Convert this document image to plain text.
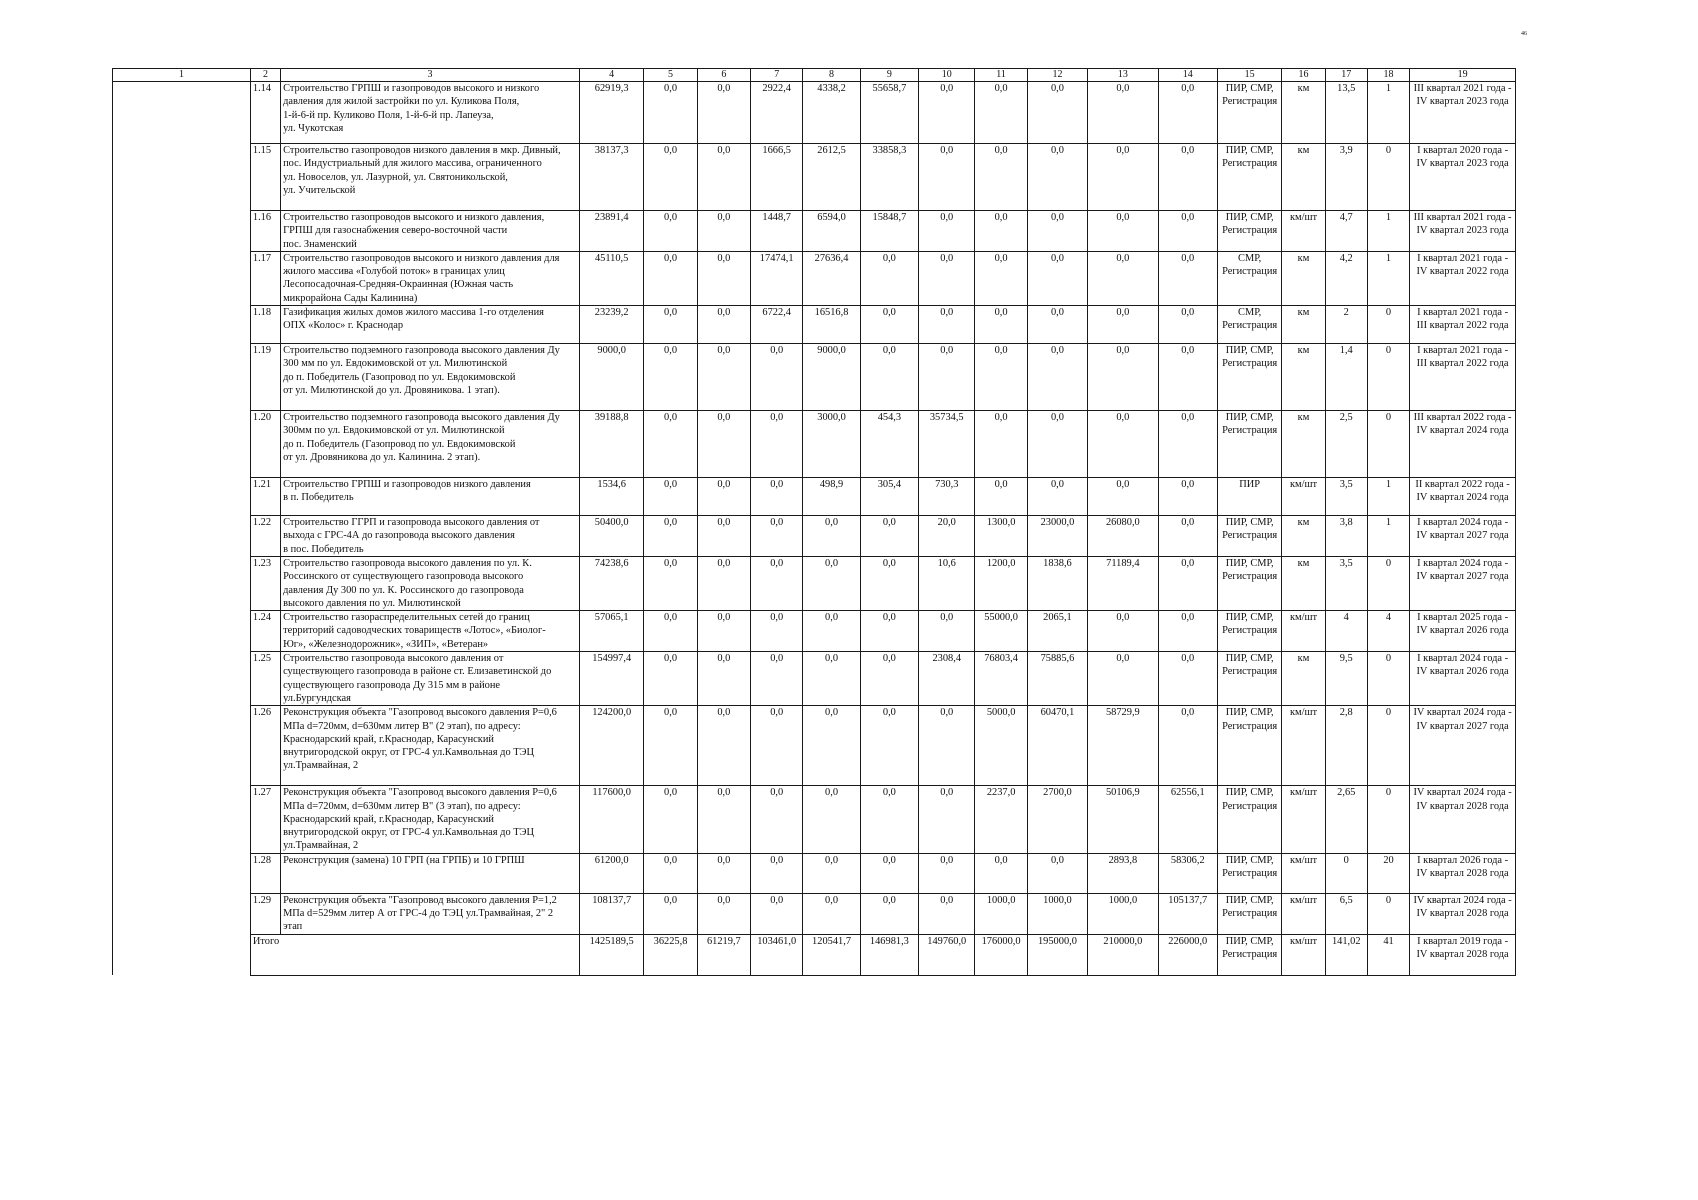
46
1	2	3	4	5	6	7	8	9	10	11	12	13	14	15	16	17	18	19
	1.14	Строительство ГРПШ и газопроводов высокого и низкого
давления для жилой застройки по ул. Куликова Поля,
1-й-6-й пр. Куликово Поля, 1-й-6-й пр. Лапеуза,
ул. Чукотская	62919,3	0,0	0,0	2922,4	4338,2	55658,7	0,0	0,0	0,0	0,0	0,0	ПИР, СМР, Регистрация	км	13,5	1	III квартал 2021 года - IV квартал 2023 года
	1.15	Строительство газопроводов низкого давления в мкр. Дивный,
пос. Индустриальный для жилого массива, ограниченного
ул. Новоселов, ул. Лазурной, ул. Святоникольской,
ул. Учительской	38137,3	0,0	0,0	1666,5	2612,5	33858,3	0,0	0,0	0,0	0,0	0,0	ПИР, СМР, Регистрация	км	3,9	0	I квартал 2020 года - IV квартал 2023 года
	1.16	Строительство газопроводов высокого и низкого давления,
ГРПШ для газоснабжения северо-восточной части
пос. Знаменский	23891,4	0,0	0,0	1448,7	6594,0	15848,7	0,0	0,0	0,0	0,0	0,0	ПИР, СМР, Регистрация	км/шт	4,7	1	III квартал 2021 года - IV квартал 2023 года
	1.17	Строительство газопроводов высокого и низкого давления для
жилого массива «Голубой поток» в границах улиц
Лесопосадочная-Средняя-Окраинная (Южная часть
микрорайона Сады Калинина)	45110,5	0,0	0,0	17474,1	27636,4	0,0	0,0	0,0	0,0	0,0	0,0	СМР, Регистрация	км	4,2	1	I квартал 2021 года - IV квартал 2022 года
	1.18	Газификация жилых домов жилого массива 1-го отделения
ОПХ «Колос» г. Краснодар	23239,2	0,0	0,0	6722,4	16516,8	0,0	0,0	0,0	0,0	0,0	0,0	СМР, Регистрация	км	2	0	I квартал 2021 года - III квартал 2022 года
	1.19	Строительство подземного газопровода высокого давления Ду
300 мм по ул. Евдокимовской от ул. Милютинской
до п. Победитель (Газопровод по ул. Евдокимовской
от ул. Милютинской до ул. Дровяникова. 1 этап).	9000,0	0,0	0,0	0,0	9000,0	0,0	0,0	0,0	0,0	0,0	0,0	ПИР, СМР, Регистрация	км	1,4	0	I квартал 2021 года - III квартал 2022 года
	1.20	Строительство подземного газопровода высокого давления Ду
300мм по ул. Евдокимовской от ул. Милютинской
до п. Победитель (Газопровод по ул. Евдокимовской
от ул. Дровяникова до ул. Калинина. 2 этап).	39188,8	0,0	0,0	0,0	3000,0	454,3	35734,5	0,0	0,0	0,0	0,0	ПИР, СМР, Регистрация	км	2,5	0	III квартал 2022 года - IV квартал 2024 года
	1.21	Строительство ГРПШ и газопроводов низкого давления
в п. Победитель	1534,6	0,0	0,0	0,0	498,9	305,4	730,3	0,0	0,0	0,0	0,0	ПИР	км/шт	3,5	1	II квартал 2022 года - IV квартал 2024 года
	1.22	Строительство ГГРП и газопровода высокого давления от
выхода с ГРС-4А до газопровода высокого давления
в пос. Победитель	50400,0	0,0	0,0	0,0	0,0	0,0	20,0	1300,0	23000,0	26080,0	0,0	ПИР, СМР, Регистрация	км	3,8	1	I квартал 2024 года - IV квартал 2027 года
	1.23	Строительство газопровода высокого давления по ул. К.
Россинского от существующего газопровода высокого
давления Ду 300 по ул. К. Россинского до газопровода
высокого давления по ул. Милютинской	74238,6	0,0	0,0	0,0	0,0	0,0	10,6	1200,0	1838,6	71189,4	0,0	ПИР, СМР, Регистрация	км	3,5	0	I квартал 2024 года - IV квартал 2027 года
	1.24	Строительство газораспределительных сетей до границ
территорий садоводческих товариществ «Лотос», «Биолог-
Юг», «Железнодорожник», «ЗИП», «Ветеран»	57065,1	0,0	0,0	0,0	0,0	0,0	0,0	55000,0	2065,1	0,0	0,0	ПИР, СМР, Регистрация	км/шт	4	4	I квартал 2025 года - IV квартал 2026 года
	1.25	Строительство газопровода высокого давления от
существующего газопровода в районе ст. Елизаветинской до
существующего газопровода Ду 315 мм в районе
ул.Бургундская	154997,4	0,0	0,0	0,0	0,0	0,0	2308,4	76803,4	75885,6	0,0	0,0	ПИР, СМР, Регистрация	км	9,5	0	I квартал 2024 года - IV квартал 2026 года
	1.26	Реконструкция объекта "Газопровод высокого давления Р=0,6
МПа d=720мм, d=630мм литер В" (2 этап), по адресу:
Краснодарский край, г.Краснодар, Карасунский
внутригородской округ, от ГРС-4 ул.Камвольная до ТЭЦ
ул.Трамвайная, 2	124200,0	0,0	0,0	0,0	0,0	0,0	0,0	5000,0	60470,1	58729,9	0,0	ПИР, СМР, Регистрация	км/шт	2,8	0	IV квартал 2024 года - IV квартал 2027 года
	1.27	Реконструкция объекта "Газопровод высокого давления Р=0,6
МПа d=720мм, d=630мм литер В" (3 этап), по адресу:
Краснодарский край, г.Краснодар, Карасунский
внутригородской округ, от ГРС-4 ул.Камвольная до ТЭЦ
ул.Трамвайная, 2	117600,0	0,0	0,0	0,0	0,0	0,0	0,0	2237,0	2700,0	50106,9	62556,1	ПИР, СМР, Регистрация	км/шт	2,65	0	IV квартал 2024 года - IV квартал 2028 года
	1.28	Реконструкция (замена) 10 ГРП (на ГРПБ) и 10 ГРПШ	61200,0	0,0	0,0	0,0	0,0	0,0	0,0	0,0	0,0	2893,8	58306,2	ПИР, СМР, Регистрация	км/шт	0	20	I квартал 2026 года - IV квартал 2028 года
	1.29	Реконструкция объекта "Газопровод высокого давления Р=1,2
МПа d=529мм литер А от ГРС-4 до ТЭЦ ул.Трамвайная, 2" 2
этап	108137,7	0,0	0,0	0,0	0,0	0,0	0,0	1000,0	1000,0	1000,0	105137,7	ПИР, СМР, Регистрация	км/шт	6,5	0	IV квартал 2024 года - IV квартал 2028 года
	Итого		1425189,5	36225,8	61219,7	103461,0	120541,7	146981,3	149760,0	176000,0	195000,0	210000,0	226000,0	ПИР, СМР, Регистрация	км/шт	141,02	41	I квартал 2019 года - IV квартал 2028 года
